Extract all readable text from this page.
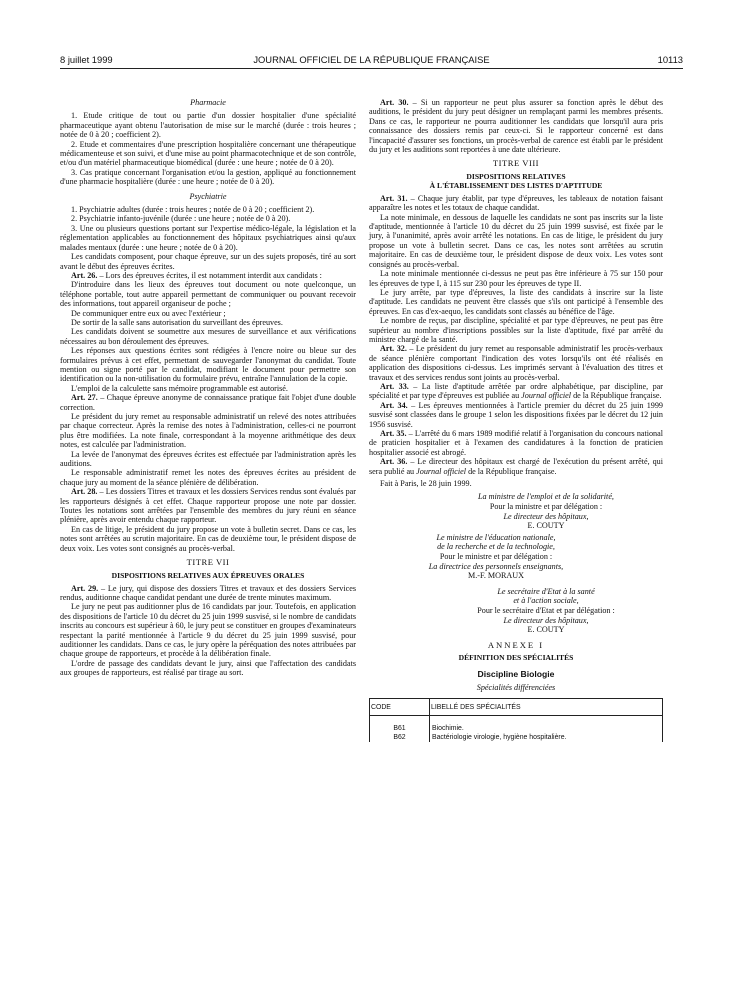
8 juillet 1999	JOURNAL OFFICIEL DE LA RÉPUBLIQUE FRANÇAISE	10113
Pharmacie

1. Etude critique de tout ou partie d'un dossier hospitalier d'une spécialité pharmaceutique ayant obtenu l'autorisation de mise sur le marché (durée : trois heures ; notée de 0 à 20 ; coefficient 2).

2. Etude et commentaires d'une prescription hospitalière concernant une thérapeutique médicamenteuse et son suivi, et d'une mise au point pharmacotechnique et de son contrôle, et/ou d'un matériel pharmaceutique biomédical (durée : une heure ; notée de 0 à 20).

3. Cas pratique concernant l'organisation et/ou la gestion, appliqué au fonctionnement d'une pharmacie hospitalière (durée : une heure ; notée de 0 à 20).

Psychiatrie

1. Psychiatrie adultes (durée : trois heures ; notée de 0 à 20 ; coefficient 2).

2. Psychiatrie infanto-juvénile (durée : une heure ; notée de 0 à 20).

3. Une ou plusieurs questions portant sur l'expertise médico-légale, la législation et la réglementation applicables au fonctionnement des hôpitaux psychiatriques ainsi qu'aux malades mentaux (durée : une heure ; notée de 0 à 20).

Les candidats composent, pour chaque épreuve, sur un des sujets proposés, tiré au sort avant le début des épreuves écrites.

Art. 26. – Lors des épreuves écrites, il est notamment interdit aux candidats :

D'introduire dans les lieux des épreuves tout document ou note quelconque, un téléphone portable, tout autre appareil permettant de communiquer ou pouvant recevoir des informations, tout appareil organiseur de poche ;

De communiquer entre eux ou avec l'extérieur ;

De sortir de la salle sans autorisation du surveillant des épreuves.

Les candidats doivent se soumettre aux mesures de surveillance et aux vérifications nécessaires au bon déroulement des épreuves.

Les réponses aux questions écrites sont rédigées à l'encre noire ou bleue sur des formulaires prévus à cet effet, permettant de sauvegarder l'anonymat du candidat. Toute mention ou signe porté par le candidat, modifiant le document pour permettre son identification ou la non-utilisation du formulaire prévu, entraîne l'annulation de la copie.

L'emploi de la calculette sans mémoire programmable est autorisé.

Art. 27. – Chaque épreuve anonyme de connaissance pratique fait l'objet d'une double correction.

Le président du jury remet au responsable administratif un relevé des notes attribuées par chaque correcteur. Après la remise des notes à l'administration, celles-ci ne pourront plus être modifiées. La note finale, correspondant à la moyenne arithmétique des deux notes, est calculée par l'administration.

La levée de l'anonymat des épreuves écrites est effectuée par l'administration après les auditions.

Le responsable administratif remet les notes des épreuves écrites au président de chaque jury au moment de la séance plénière de délibération.

Art. 28. – Les dossiers Titres et travaux et les dossiers Services rendus sont évalués par les rapporteurs désignés à cet effet. Chaque rapporteur propose une note par dossier. Toutes les notations sont arrêtées par l'ensemble des membres du jury réuni en séance plénière, après avoir entendu chaque rapporteur.

En cas de litige, le président du jury propose un vote à bulletin secret. Dans ce cas, les notes sont arrêtées au scrutin majoritaire. En cas de deuxième tour, le président dispose de deux voix. Les votes sont consignés au procès-verbal.

TITRE VII
DISPOSITIONS RELATIVES AUX ÉPREUVES ORALES

Art. 29. – Le jury, qui dispose des dossiers Titres et travaux et des dossiers Services rendus, auditionne chaque candidat pendant une durée de trente minutes maximum.

Le jury ne peut pas auditionner plus de 16 candidats par jour. Toutefois, en application des dispositions de l'article 10 du décret du 25 juin 1999 susvisé, si le nombre de candidats inscrits au concours est supérieur à 60, le jury peut se constituer en groupes d'examinateurs respectant la parité mentionnée à l'article 9 du décret du 25 juin 1999 susvisé, pour auditionner les candidats. Dans ce cas, le jury opère la péréquation des notes attribuées par chaque groupe de rapporteurs, et procède à la délibération finale.

L'ordre de passage des candidats devant le jury, ainsi que l'affectation des candidats aux groupes de rapporteurs, est réalisé par tirage au sort.

Art. 30. – Si un rapporteur ne peut plus assurer sa fonction après le début des auditions, le président du jury peut désigner un remplaçant parmi les membres présents. Dans ce cas, le rapporteur ne pourra auditionner les candidats que lorsqu'il aura pris connaissance des dossiers remis par ceux-ci. Si le rapporteur concerné est dans l'incapacité d'assurer ses fonctions, un procès-verbal de carence est établi par le président du jury et les auditions sont reportées à une date ultérieure.

TITRE VIII
DISPOSITIONS RELATIVES
À L'ÉTABLISSEMENT DES LISTES D'APTITUDE

Art. 31. – Chaque jury établit, par type d'épreuves, les tableaux de notation faisant apparaître les notes et les totaux de chaque candidat.

La note minimale, en dessous de laquelle les candidats ne sont pas inscrits sur la liste d'aptitude, mentionnée à l'article 10 du décret du 25 juin 1999 susvisé, est fixée par le jury, à l'unanimité, après avoir arrêté les notations. En cas de litige, le président du jury propose un vote à bulletin secret. Dans ce cas, les notes sont arrêtées au scrutin majoritaire. En cas de deuxième tour, le président dispose de deux voix. Les votes sont consignés au procès-verbal.

La note minimale mentionnée ci-dessus ne peut pas être inférieure à 75 sur 150 pour les épreuves de type I, à 115 sur 230 pour les épreuves de type II.

Le jury arrête, par type d'épreuves, la liste des candidats à inscrire sur la liste d'aptitude. Les candidats ne peuvent être classés que s'ils ont participé à l'ensemble des épreuves. En cas d'ex-aequo, les candidats sont classés au bénéfice de l'âge.

Le nombre de reçus, par discipline, spécialité et par type d'épreuves, ne peut pas être supérieur au nombre d'inscriptions possibles sur la liste d'aptitude, fixé par arrêté du ministre chargé de la santé.

Art. 32. – Le président du jury remet au responsable administratif les procès-verbaux de séance plénière comportant l'indication des votes lorsqu'ils ont été réalisés en application des dispositions ci-dessus. Les imprimés servant à l'évaluation des titres et travaux et des services rendus sont joints au procès-verbal.

Art. 33. – La liste d'aptitude arrêtée par ordre alphabétique, par discipline, par spécialité et par type d'épreuves est publiée au Journal officiel de la République française.

Art. 34. – Les épreuves mentionnées à l'article premier du décret du 25 juin 1999 susvisé sont classées dans le groupe 1 selon les dispositions fixées par le décret du 12 juin 1956 susvisé.

Art. 35. – L'arrêté du 6 mars 1989 modifié relatif à l'organisation du concours national de praticien hospitalier et à l'examen des candidatures à la fonction de praticien hospitalier associé est abrogé.

Art. 36. – Le directeur des hôpitaux est chargé de l'exécution du présent arrêté, qui sera publié au Journal officiel de la République française.

Fait à Paris, le 28 juin 1999.

La ministre de l'emploi et de la solidarité,
Pour la ministre et par délégation :
Le directeur des hôpitaux,
E. COUTY
Le ministre de l'éducation nationale,
de la recherche et de la technologie,
Pour le ministre et par délégation :
La directrice des personnels enseignants,
M.-F. MORAUX
Le secrétaire d'Etat à la santé
et à l'action sociale,
Pour le secrétaire d'Etat et par délégation :
Le directeur des hôpitaux,
E. COUTY
ANNEXE I
DÉFINITION DES SPÉCIALITÉS
Discipline Biologie
Spécialités différenciées
CODE	LIBELLÉ DES SPÉCIALITÉS

B61	Biochimie.
B62	Bactériologie virologie, hygiène hospitalière.
